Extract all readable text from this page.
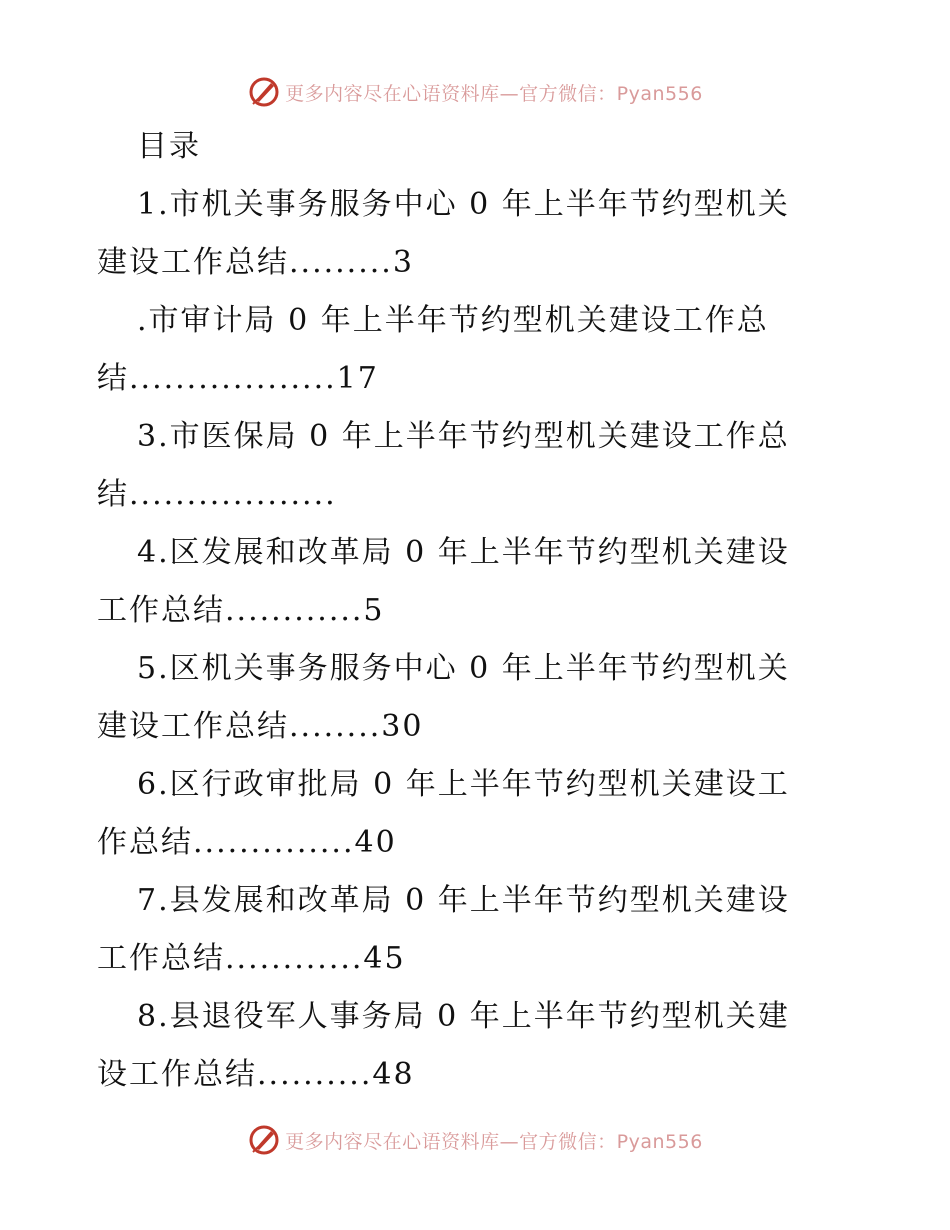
更多内容尽在心语资料库—官方微信：Pyan556
目录
1.市机关事务服务中心 0 年上半年节约型机关
建设工作总结.........3
.市审计局 0 年上半年节约型机关建设工作总
结..................17
3.市医保局 0 年上半年节约型机关建设工作总
结..................
4.区发展和改革局 0 年上半年节约型机关建设
工作总结............5
5.区机关事务服务中心 0 年上半年节约型机关
建设工作总结........30
6.区行政审批局 0 年上半年节约型机关建设工
作总结..............40
7.县发展和改革局 0 年上半年节约型机关建设
工作总结............45
8.县退役军人事务局 0 年上半年节约型机关建
设工作总结..........48
更多内容尽在心语资料库—官方微信：Pyan556
